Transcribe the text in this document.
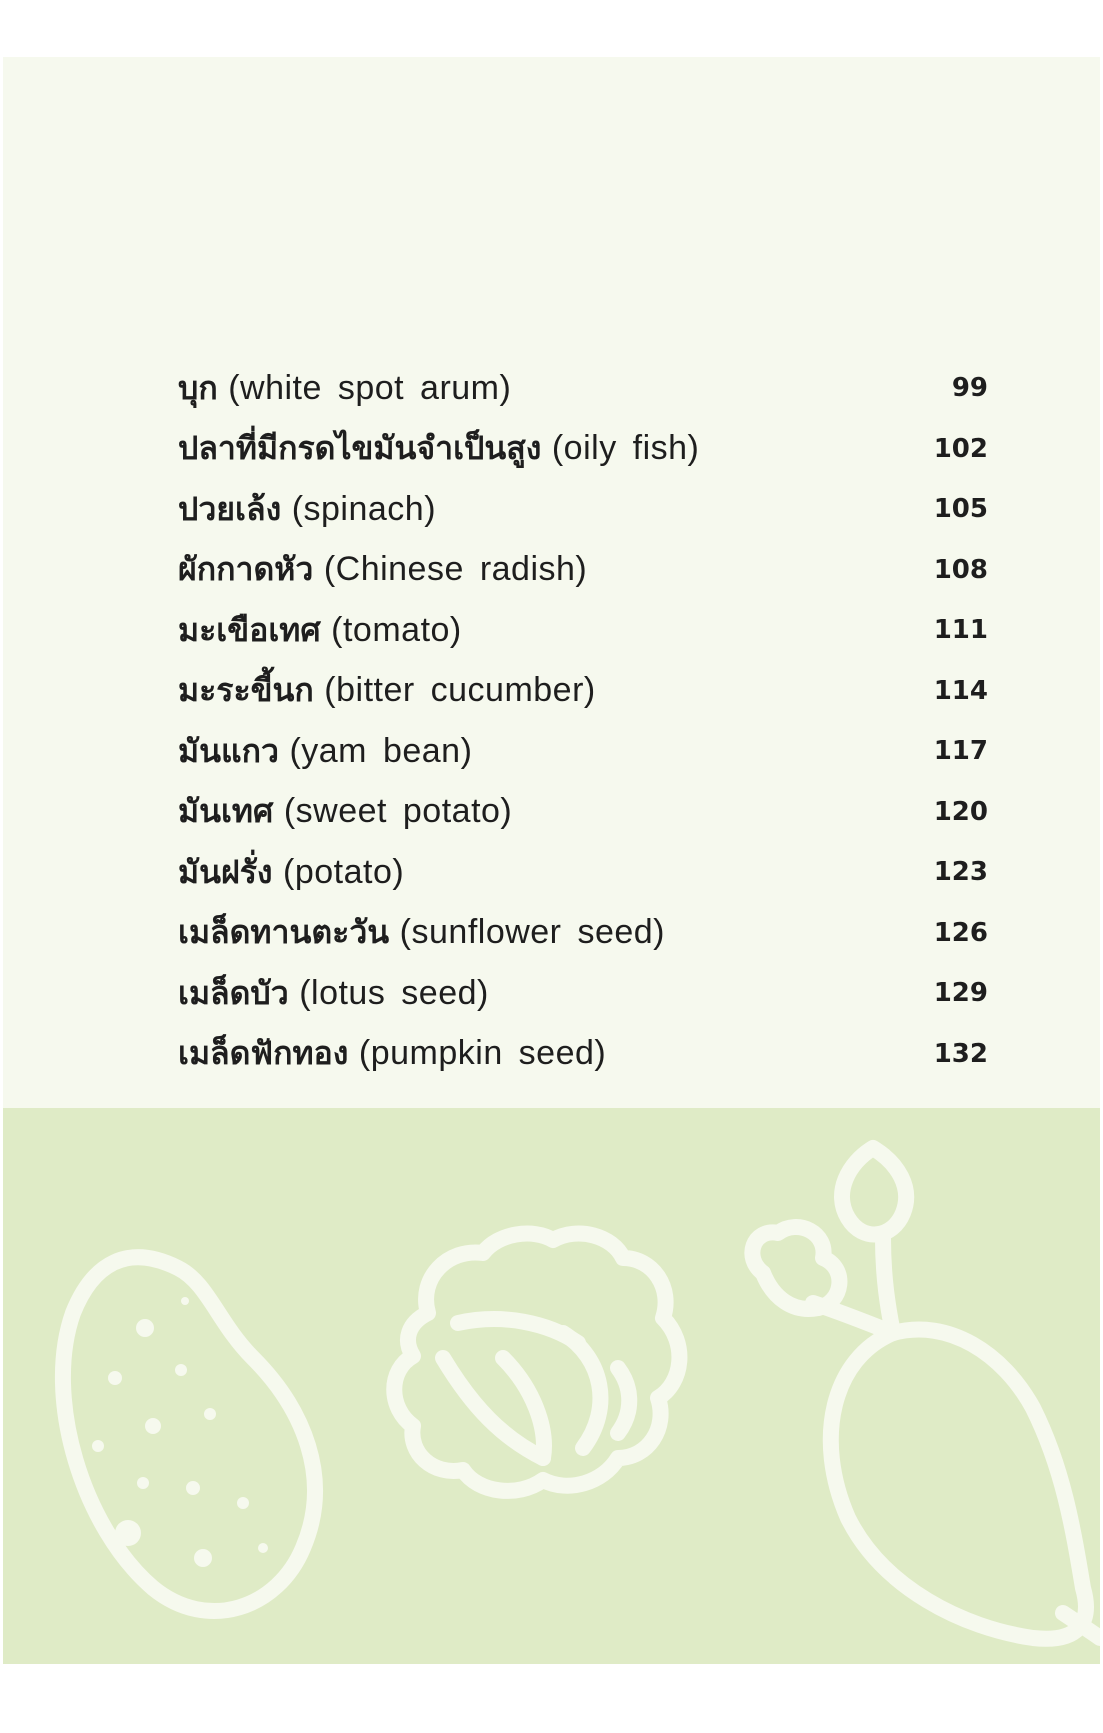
บุก (white spot arum)	99
ปลาที่มีกรดไขมันจำเป็นสูง (oily fish)	102
ปวยเล้ง (spinach)	105
ผักกาดหัว (Chinese radish)	108
มะเขือเทศ (tomato)	111
มะระขี้นก (bitter cucumber)	114
มันแกว (yam bean)	117
มันเทศ (sweet potato)	120
มันฝรั่ง (potato)	123
เมล็ดทานตะวัน (sunflower seed)	126
เมล็ดบัว (lotus seed)	129
เมล็ดฟักทอง (pumpkin seed)	132
